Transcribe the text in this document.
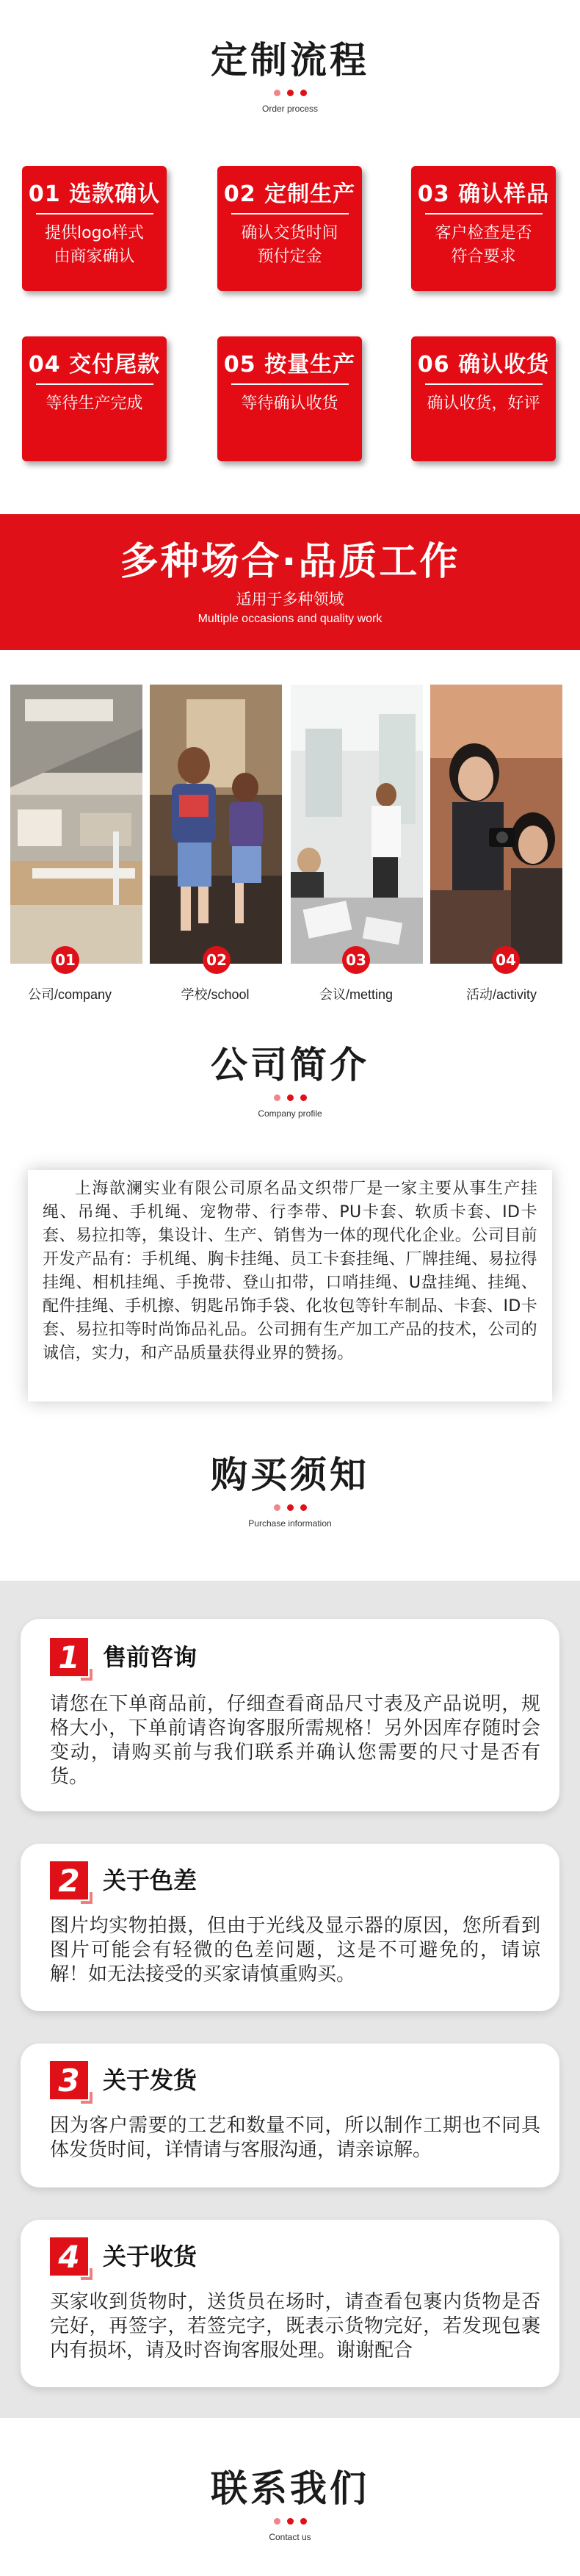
定制流程
Order process
01 选款确认
提供logo样式
由商家确认
02 定制生产
确认交货时间
预付定金
03 确认样品
客户检查是否
符合要求
04 交付尾款
等待生产完成
05 按量生产
等待确认收货
06 确认收货
确认收货，好评
多种场合·品质工作
适用于多种领域
Multiple occasions and quality work
01	02	03	04
公司/company	学校/school	会议/metting	活动/activity
公司简介
Company profile

上海歆澜实业有限公司原名品文织带厂是一家主要从事生产挂绳、吊绳、手机绳、宠物带、行李带、PU卡套、软质卡套、ID卡套、易拉扣等，集设计、生产、销售为一体的现代化企业。公司目前开发产品有：手机绳、胸卡挂绳、员工卡套挂绳、厂牌挂绳、易拉得挂绳、相机挂绳、手挽带、登山扣带，口哨挂绳、U盘挂绳、挂绳、配件挂绳、手机擦、钥匙吊饰手袋、化妆包等针车制品、卡套、ID卡套、易拉扣等时尚饰品礼品。公司拥有生产加工产品的技术，公司的诚信，实力，和产品质量获得业界的赞扬。

购买须知
Purchase information
1 售前咨询
请您在下单商品前，仔细查看商品尺寸表及产品说明，规格大小，下单前请咨询客服所需规格！另外因库存随时会变动，请购买前与我们联系并确认您需要的尺寸是否有货。
2 关于色差
图片均实物拍摄，但由于光线及显示器的原因，您所看到图片可能会有轻微的色差问题，这是不可避免的，请谅解！如无法接受的买家请慎重购买。
3 关于发货
因为客户需要的工艺和数量不同，所以制作工期也不同具体发货时间，详情请与客服沟通，请亲谅解。
4 关于收货
买家收到货物时，送货员在场时，请查看包裹内货物是否完好，再签字，若签完字，既表示货物完好，若发现包裹内有损坏，请及时咨询客服处理。谢谢配合
联系我们
Contact us
